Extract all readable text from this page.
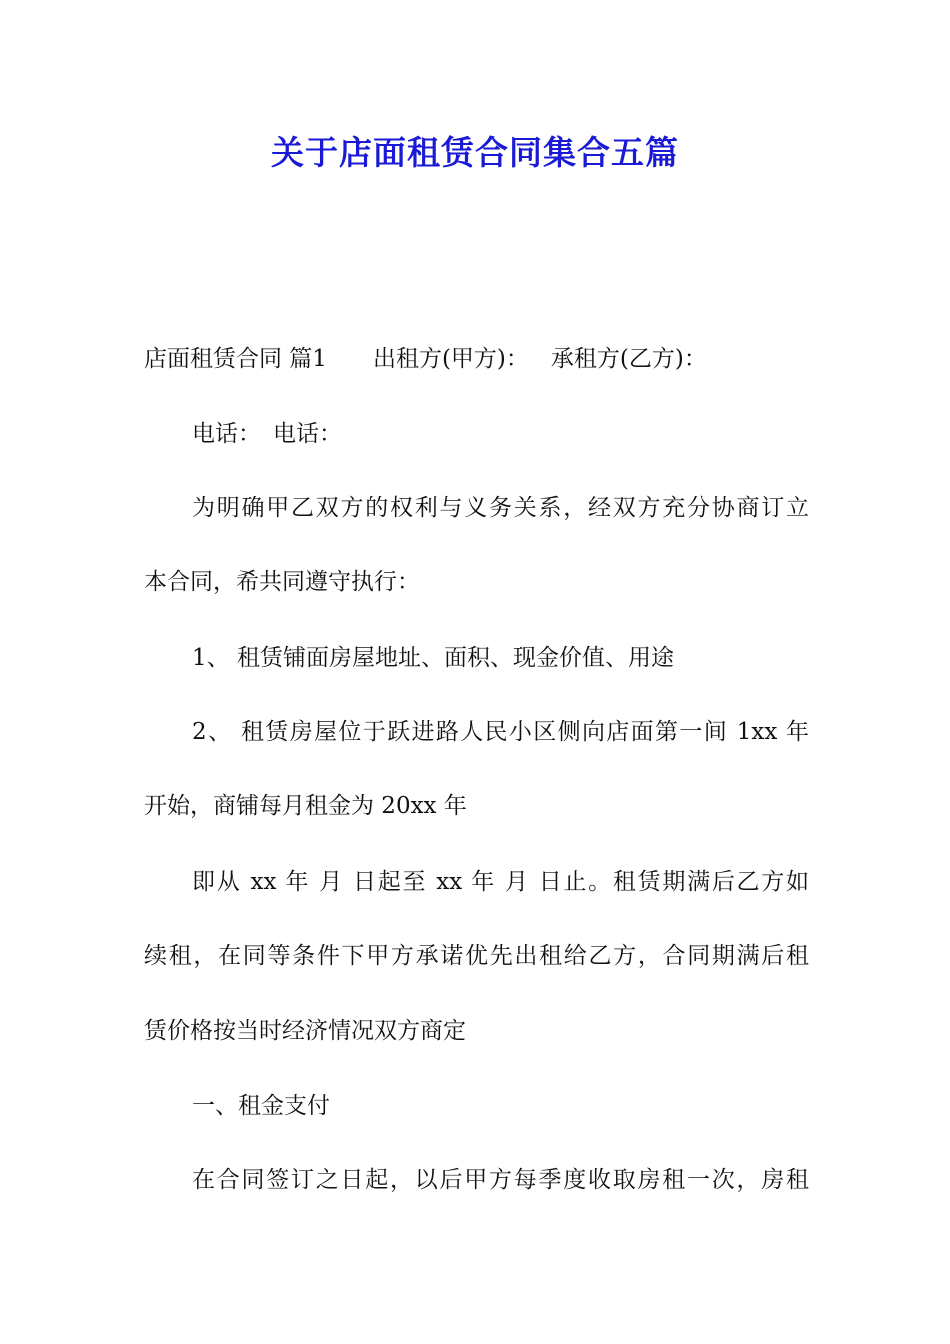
关于店面租赁合同集合五篇
店面租赁合同 篇1 出租方(甲方)： 承租方(乙方)：
电话： 电话：
为明确甲乙双方的权利与义务关系，经双方充分协商订立
本合同，希共同遵守执行：
1、 租赁铺面房屋地址、面积、现金价值、用途
2、 租赁房屋位于跃进路人民小区侧向店面第一间 1xx 年
开始，商铺每月租金为 20xx 年
即从 xx 年 月 日起至 xx 年 月 日止。租赁期满后乙方如
续租，在同等条件下甲方承诺优先出租给乙方，合同期满后租
赁价格按当时经济情况双方商定
一、租金支付
在合同签订之日起，以后甲方每季度收取房租一次，房租
